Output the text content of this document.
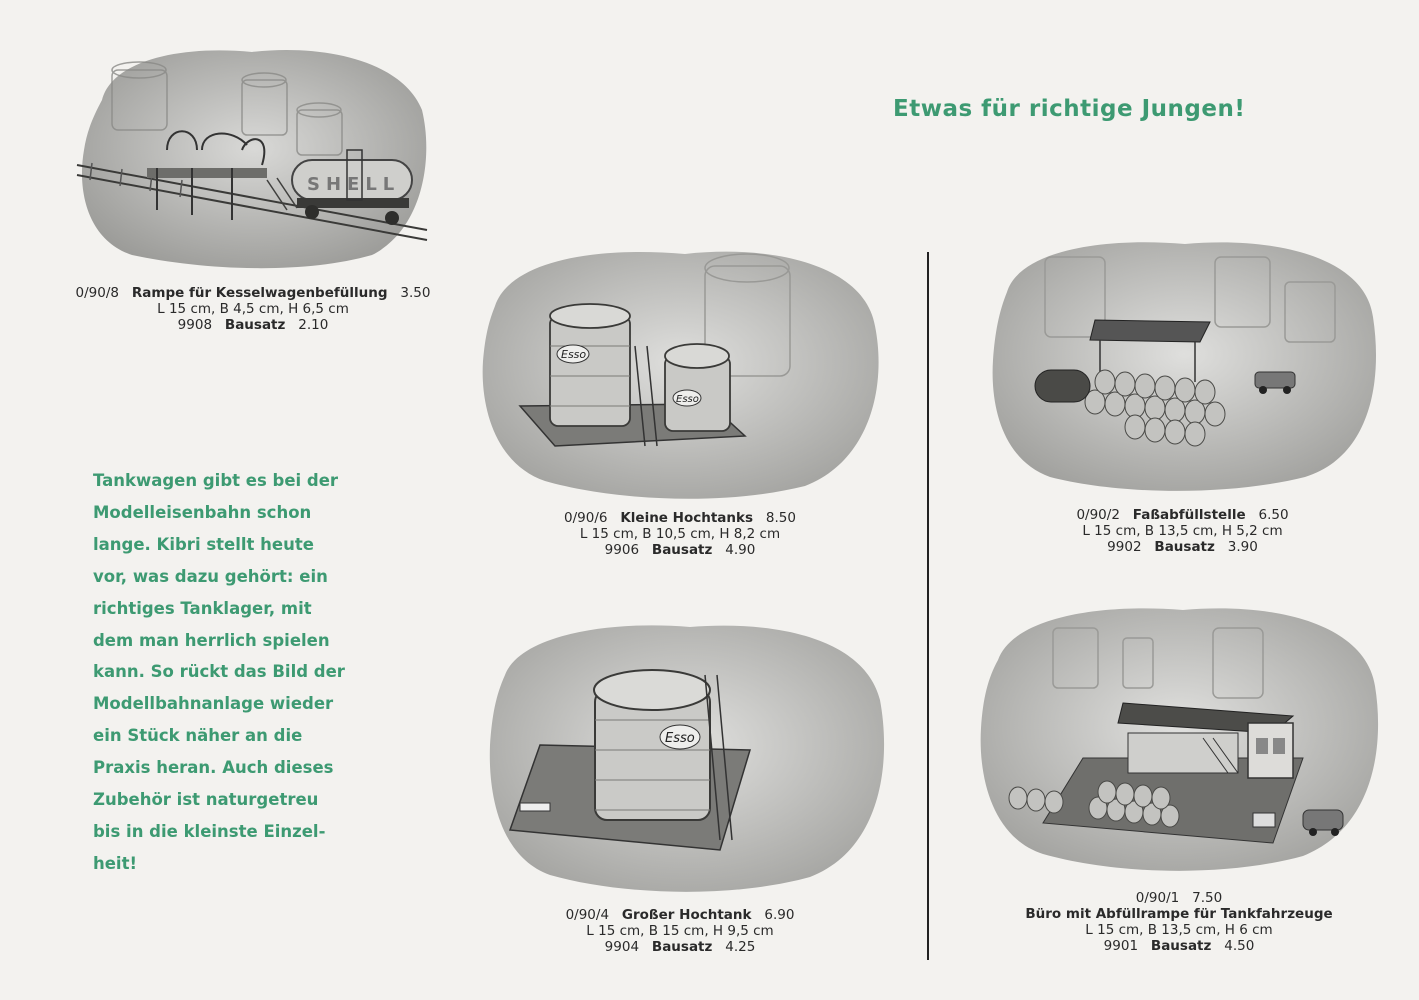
Etwas für richtige Jungen!
Tankwagen gibt es bei der
Modelleisenbahn schon
lange. Kibri stellt heute
vor, was dazu gehört: ein
richtiges Tanklager, mit
dem man herrlich spielen
kann. So rückt das Bild der
Modellbahnanlage wieder
ein Stück näher an die
Praxis heran. Auch dieses
Zubehör ist naturgetreu
bis in die kleinste Einzel-
heit!
SHELL
0/90/8 Rampe für Kesselwagenbefüllung 3.50
L 15 cm, B 4,5 cm, H 6,5 cm
9908 Bausatz 2.10
Esso
Esso
0/90/6 Kleine Hochtanks 8.50
L 15 cm, B 10,5 cm, H 8,2 cm
9906 Bausatz 4.90
Esso
0/90/4 Großer Hochtank 6.90
L 15 cm, B 15 cm, H 9,5 cm
9904 Bausatz 4.25
0/90/2 Faßabfüllstelle 6.50
L 15 cm, B 13,5 cm, H 5,2 cm
9902 Bausatz 3.90
0/90/1 7.50
Büro mit Abfüllrampe für Tankfahrzeuge
L 15 cm, B 13,5 cm, H 6 cm
9901 Bausatz 4.50
